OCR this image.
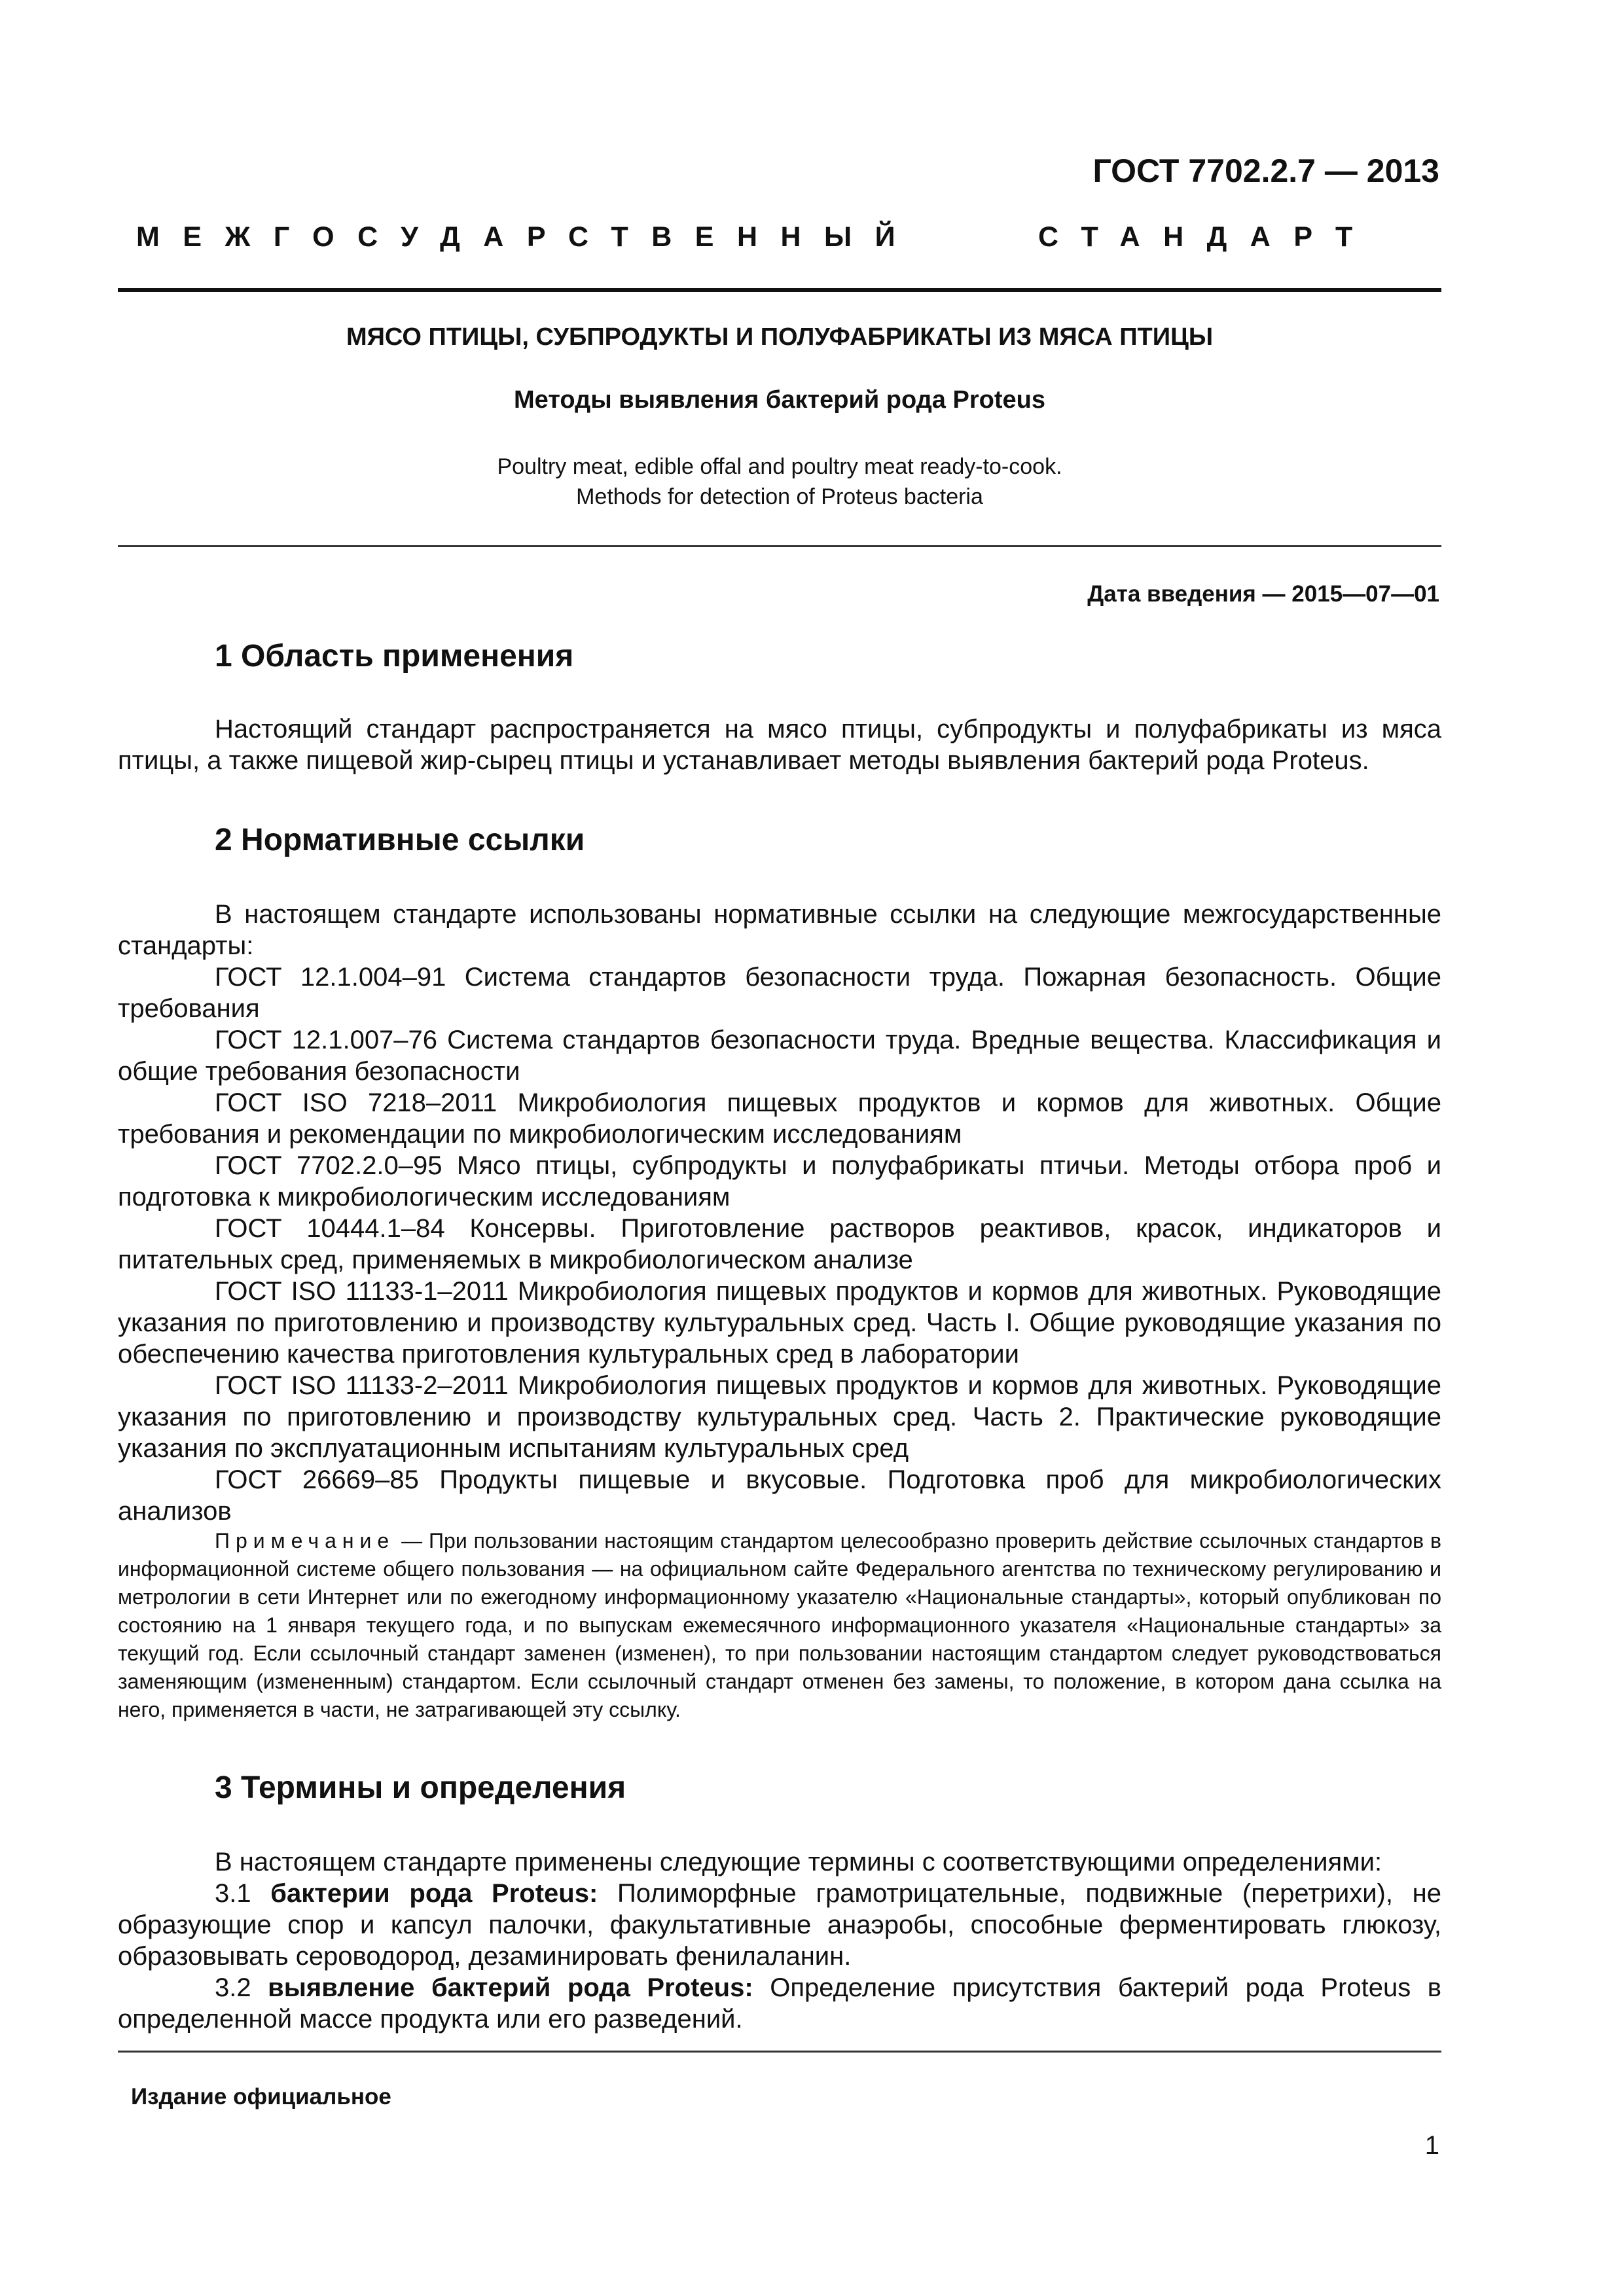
ГОСТ 7702.2.7 — 2013
МЕЖГОСУДАРСТВЕННЫЙ	СТАНДАРТ
МЯСО ПТИЦЫ, СУБПРОДУКТЫ И ПОЛУФАБРИКАТЫ ИЗ МЯСА ПТИЦЫ
Методы выявления бактерий рода Proteus
Poultry meat, edible offal and poultry meat ready-to-cook.
Methods for detection of Proteus bacteria
Дата введения — 2015—07—01
1 Область применения

Настоящий стандарт распространяется на мясо птицы, субпродукты и полуфабрикаты из мяса птицы, а также пищевой жир-сырец птицы и устанавливает методы выявления бактерий рода Proteus.

2 Нормативные ссылки

В настоящем стандарте использованы нормативные ссылки на следующие межгосударственные стандарты:

ГОСТ 12.1.004–91 Система стандартов безопасности труда. Пожарная безопасность. Общие требования

ГОСТ 12.1.007–76 Система стандартов безопасности труда. Вредные вещества. Классификация и общие требования безопасности

ГОСТ ISO 7218–2011 Микробиология пищевых продуктов и кормов для животных. Общие требования и рекомендации по микробиологическим исследованиям

ГОСТ 7702.2.0–95 Мясо птицы, субпродукты и полуфабрикаты птичьи. Методы отбора проб и подготовка к микробиологическим исследованиям

ГОСТ 10444.1–84 Консервы. Приготовление растворов реактивов, красок, индикаторов и питательных сред, применяемых в микробиологическом анализе

ГОСТ ISO 11133-1–2011 Микробиология пищевых продуктов и кормов для животных. Руководящие указания по приготовлению и производству культуральных сред. Часть I. Общие руководящие указания по обеспечению качества приготовления культуральных сред в лаборатории

ГОСТ ISO 11133-2–2011 Микробиология пищевых продуктов и кормов для животных. Руководящие указания по приготовлению и производству культуральных сред. Часть 2. Практические руководящие указания по эксплуатационным испытаниям культуральных сред

ГОСТ 26669–85 Продукты пищевые и вкусовые. Подготовка проб для микробиологических анализов

Примечание — При пользовании настоящим стандартом целесообразно проверить действие ссылочных стандартов в информационной системе общего пользования — на официальном сайте Федерального агентства по техническому регулированию и метрологии в сети Интернет или по ежегодному информационному указателю «Национальные стандарты», который опубликован по состоянию на 1 января текущего года, и по выпускам ежемесячного информационного указателя «Национальные стандарты» за текущий год. Если ссылочный стандарт заменен (изменен), то при пользовании настоящим стандартом следует руководствоваться заменяющим (измененным) стандартом. Если ссылочный стандарт отменен без замены, то положение, в котором дана ссылка на него, применяется в части, не затрагивающей эту ссылку.
3 Термины и определения

В настоящем стандарте применены следующие термины с соответствующими определениями:

3.1 бактерии рода Proteus: Полиморфные грамотрицательные, подвижные (перетрихи), не образующие спор и капсул палочки, факультативные анаэробы, способные ферментировать глюкозу, образовывать сероводород, дезаминировать фенилаланин.

3.2 выявление бактерий рода Proteus: Определение присутствия бактерий рода Proteus в определенной массе продукта или его разведений.

Издание официальное
1
